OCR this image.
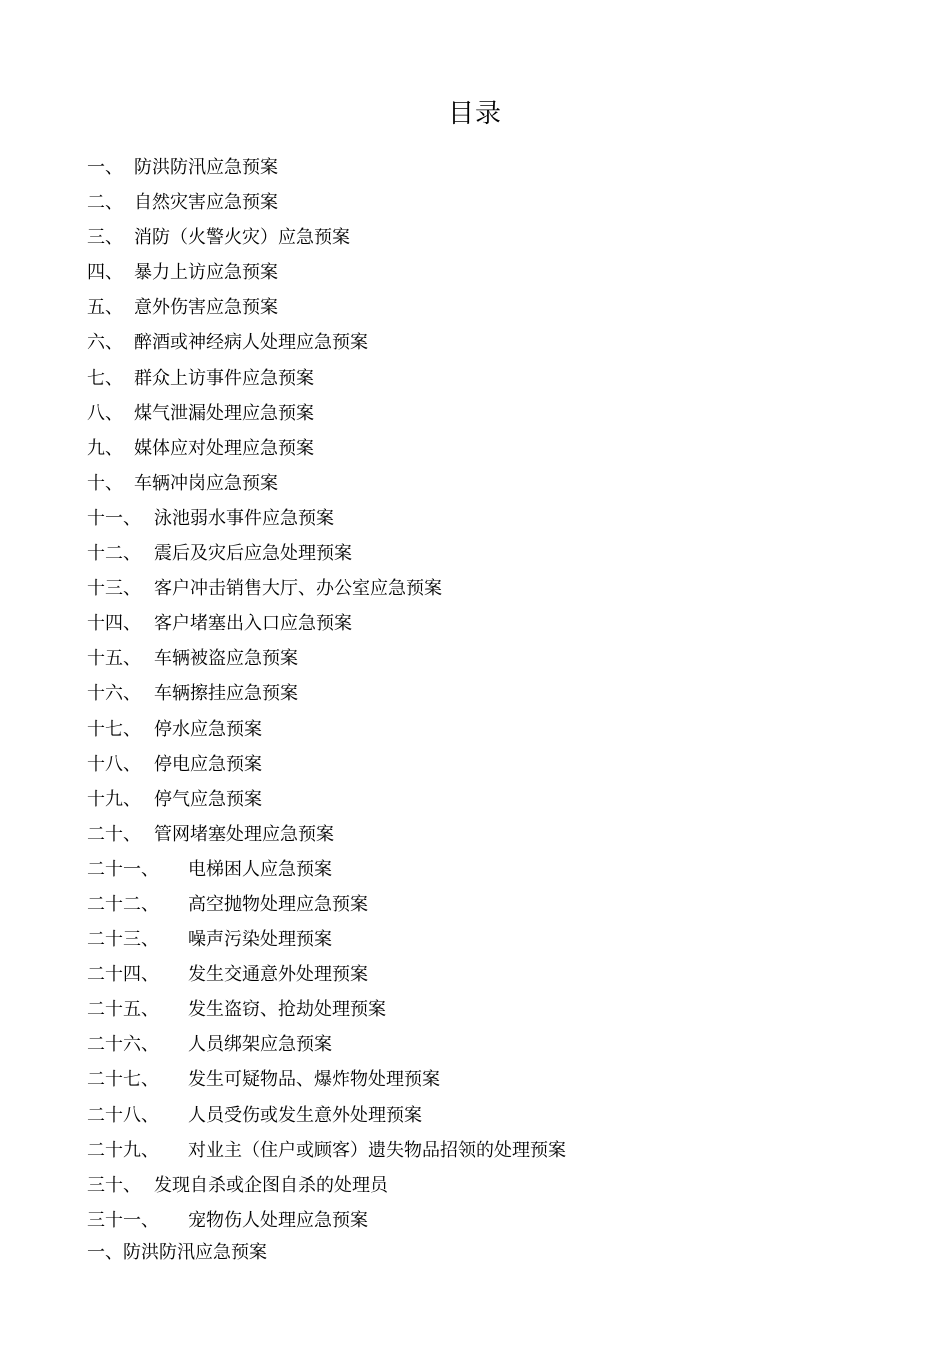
目录
一、 防洪防汛应急预案
二、 自然灾害应急预案
三、 消防（火警火灾）应急预案
四、 暴力上访应急预案
五、 意外伤害应急预案
六、 醉酒或神经病人处理应急预案
七、 群众上访事件应急预案
八、 煤气泄漏处理应急预案
九、 媒体应对处理应急预案
十、 车辆冲岗应急预案
十一、 泳池弱水事件应急预案
十二、 震后及灾后应急处理预案
十三、 客户冲击销售大厅、办公室应急预案
十四、 客户堵塞出入口应急预案
十五、 车辆被盗应急预案
十六、 车辆擦挂应急预案
十七、 停水应急预案
十八、 停电应急预案
十九、 停气应急预案
二十、 管网堵塞处理应急预案
二十一、	电梯困人应急预案
二十二、	高空抛物处理应急预案
二十三、	噪声污染处理预案
二十四、	发生交通意外处理预案
二十五、	发生盗窃、抢劫处理预案
二十六、	人员绑架应急预案
二十七、	发生可疑物品、爆炸物处理预案
二十八、	人员受伤或发生意外处理预案
二十九、	对业主（住户或顾客）遗失物品招领的处理预案
三十、 发现自杀或企图自杀的处理员
三十一、	宠物伤人处理应急预案
一、防洪防汛应急预案
